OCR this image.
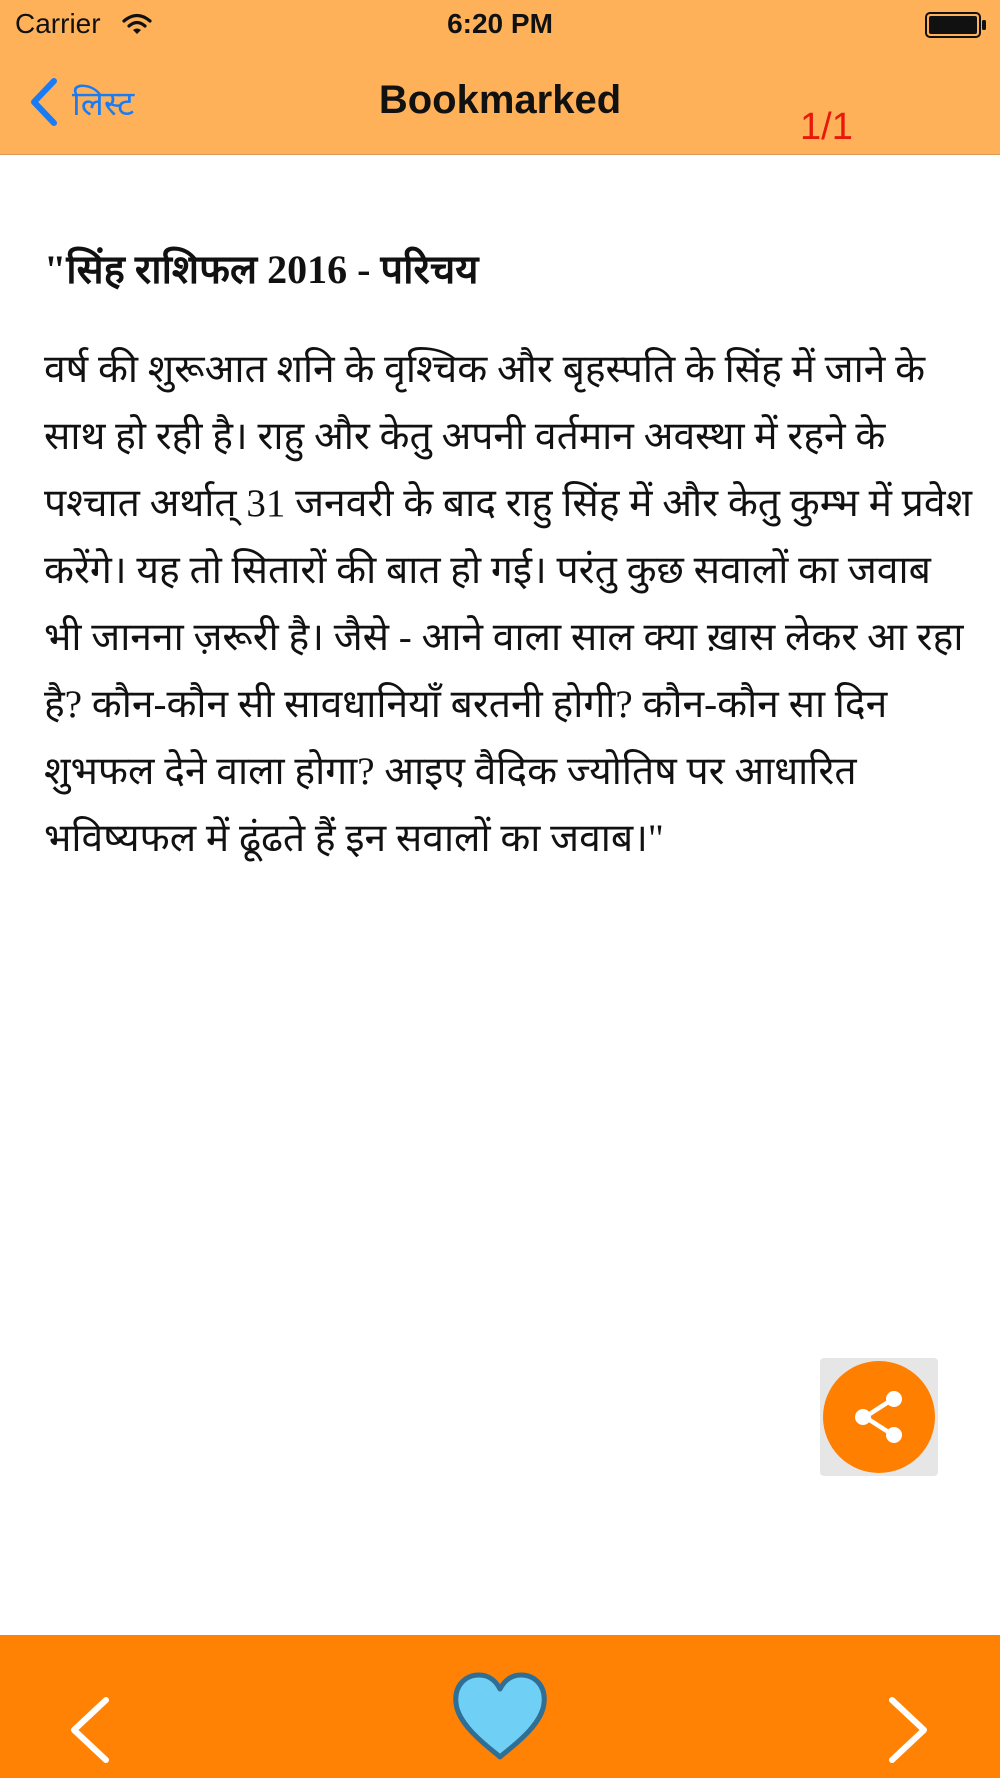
Carrier	6:20 PM
लिस्ट	Bookmarked
1/1
"सिंह राशिफल 2016 - परिचय

वर्ष की शुरूआत शनि के वृश्चिक और बृहस्पति के सिंह में जाने के साथ हो रही है। राहु और केतु अपनी वर्तमान अवस्था में रहने के पश्चात अर्थात् 31 जनवरी के बाद राहु सिंह में और केतु कुम्भ में प्रवेश करेंगे। यह तो सितारों की बात हो गई। परंतु कुछ सवालों का जवाब भी जानना ज़रूरी है। जैसे - आने वाला साल क्या ख़ास लेकर आ रहा है? कौन-कौन सी सावधानियाँ बरतनी होगी? कौन-कौन सा दिन शुभफल देने वाला होगा? आइए वैदिक ज्योतिष पर आधारित भविष्यफल में ढूंढते हैं इन सवालों का जवाब।"
